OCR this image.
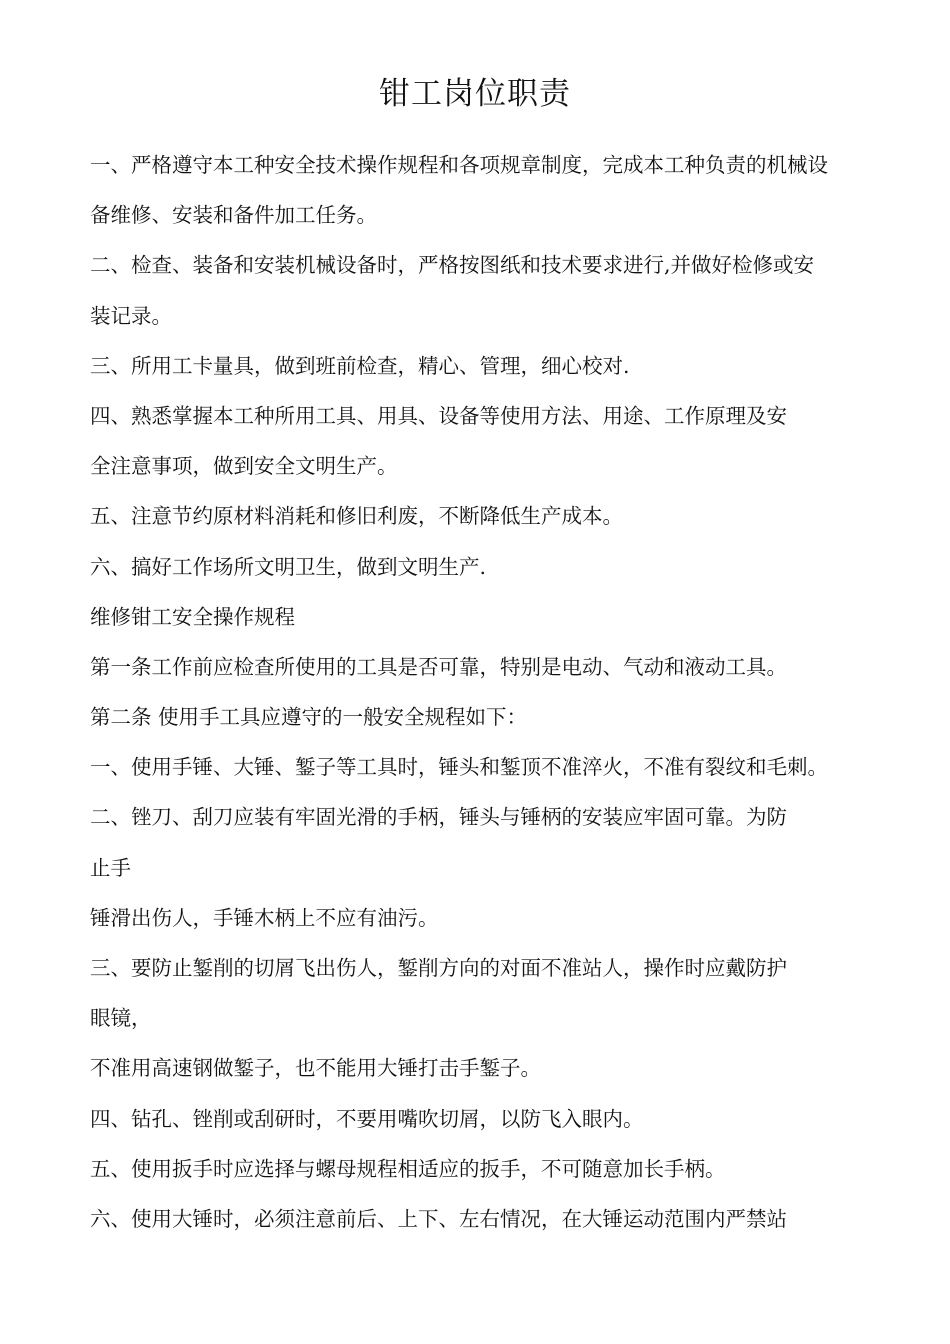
钳工岗位职责
一、严格遵守本工种安全技术操作规程和各项规章制度，完成本工种负责的机械设
备维修、安装和备件加工任务。
二、检查、装备和安装机械设备时，严格按图纸和技术要求进行,并做好检修或安
装记录。
三、所用工卡量具，做到班前检查，精心、管理，细心校对.
四、熟悉掌握本工种所用工具、用具、设备等使用方法、用途、工作原理及安
全注意事项，做到安全文明生产。
五、注意节约原材料消耗和修旧利废，不断降低生产成本。
六、搞好工作场所文明卫生，做到文明生产.
维修钳工安全操作规程
第一条工作前应检查所使用的工具是否可靠，特别是电动、气动和液动工具。
第二条 使用手工具应遵守的一般安全规程如下：
一、使用手锤、大锤、錾子等工具时，锤头和錾顶不准淬火，不准有裂纹和毛刺。
二、锉刀、刮刀应装有牢固光滑的手柄，锤头与锤柄的安装应牢固可靠。为防
止手
锤滑出伤人，手锤木柄上不应有油污。
三、要防止錾削的切屑飞出伤人，錾削方向的对面不准站人，操作时应戴防护
眼镜，
不准用高速钢做錾子，也不能用大锤打击手錾子。
四、钻孔、锉削或刮研时，不要用嘴吹切屑，以防飞入眼内。
五、使用扳手时应选择与螺母规程相适应的扳手，不可随意加长手柄。
六、使用大锤时，必须注意前后、上下、左右情况，在大锤运动范围内严禁站
